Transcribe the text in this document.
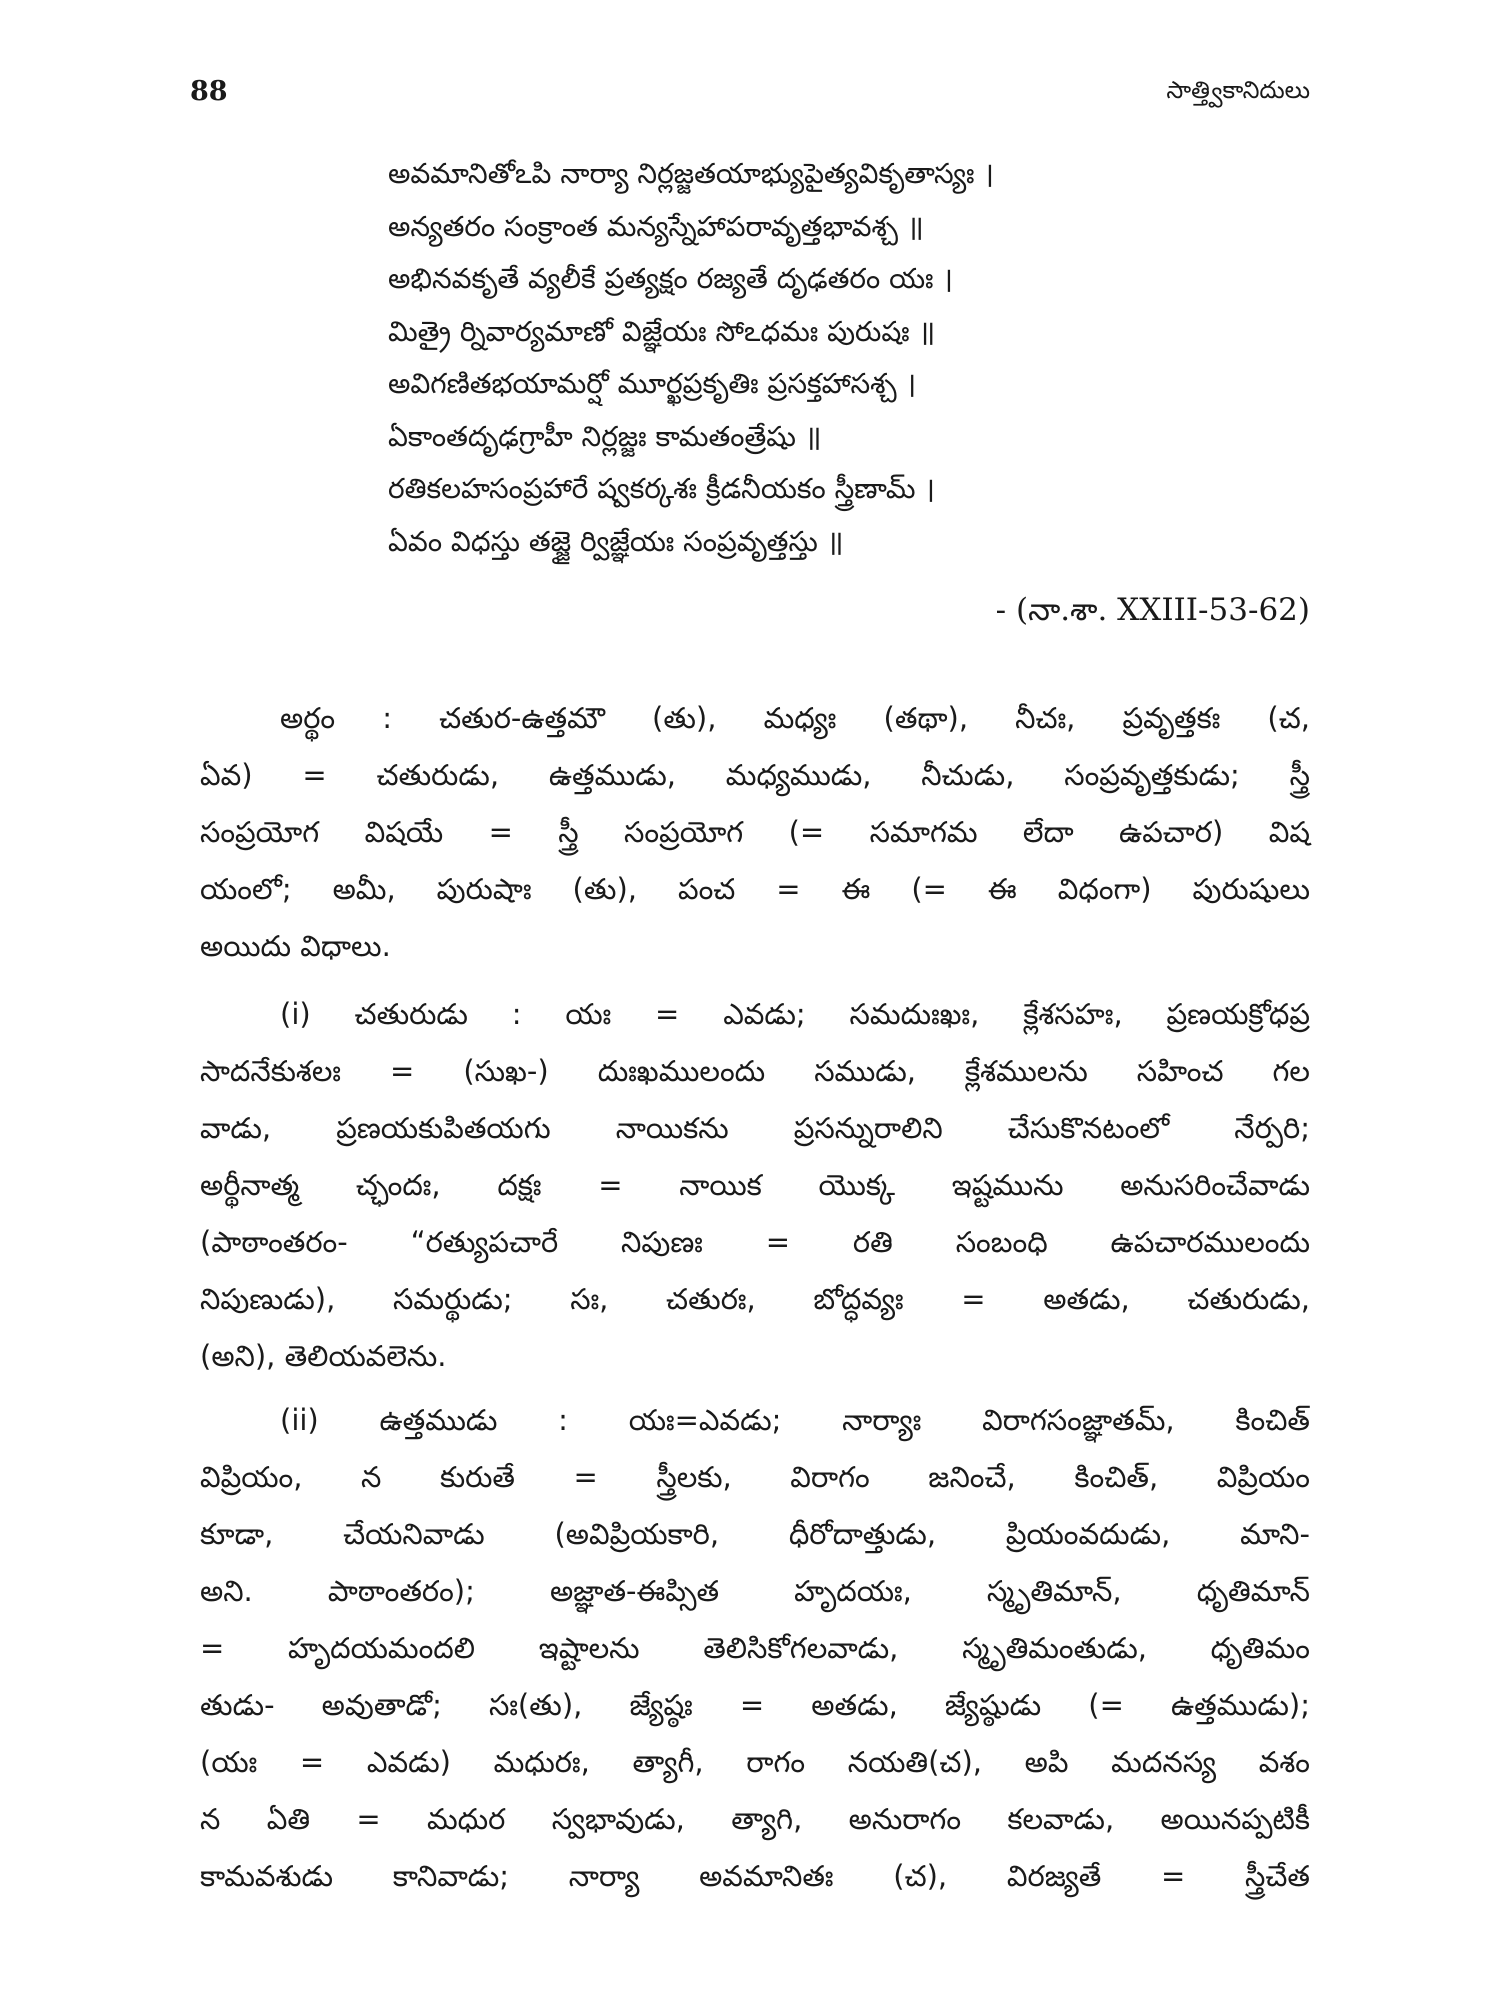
88	సాత్త్వికానిదులు
అవమానితోఽపి నార్యా నిర్లజ్జతయాభ్యుపైత్యవికృతాస్యః ।
అన్యతరం సంక్రాంత మన్యస్నేహాపరావృత్తభావశ్చ ॥
అభినవకృతే వ్యలీకే ప్రత్యక్షం రజ్యతే దృఢతరం యః ।
మిత్రై ర్నివార్యమాణో విజ్ఞేయః సోఽధమః పురుషః ॥
అవిగణితభయామర్షో మూర్ఖప్రకృతిః ప్రసక్తహాసశ్చ ।
ఏకాంతదృఢగ్రాహీ నిర్లజ్జః కామతంత్రేషు ॥
రతికలహసంప్రహారే ష్వకర్కశః క్రీడనీయకం స్త్రీణామ్ ।
ఏవం విధస్తు తజ్జై ర్విజ్ఞేయః సంప్రవృత్తస్తు ॥
- (నా.శా. XXIII-53-62)
అర్థం : చతుర-ఉత్తమౌ (తు), మధ్యః (తథా), నీచః, ప్రవృత్తకః (చ,
ఏవ) = చతురుడు, ఉత్తముడు, మధ్యముడు, నీచుడు, సంప్రవృత్తకుడు; స్త్రీ
సంప్రయోగ విషయే = స్త్రీ సంప్రయోగ (= సమాగమ లేదా ఉపచార) విష
యంలో; అమీ, పురుషాః (తు), పంచ = ఈ (= ఈ విధంగా) పురుషులు
అయిదు విధాలు.
(i) చతురుడు : యః = ఎవడు; సమదుఃఖః, క్లేశసహః, ప్రణయక్రోధప్ర
సాదనేకుశలః = (సుఖ-) దుఃఖములందు సముడు, క్లేశములను సహించ గల
వాడు, ప్రణయకుపితయగు నాయికను ప్రసన్నురాలిని చేసుకొనటంలో నేర్పరి;
అర్థీనాత్మ చ్ఛందః, దక్షః = నాయిక యొక్క ఇష్టమును అనుసరించేవాడు
(పాఠాంతరం- “రత్యుపచారే నిపుణః = రతి సంబంధి ఉపచారములందు
నిపుణుడు), సమర్థుడు; సః, చతురః, బోద్ధవ్యః = అతడు, చతురుడు,
(అని), తెలియవలెను.
(ii) ఉత్తముడు : యః=ఎవడు; నార్యాః విరాగసంజ్ఞాతమ్, కించిత్
విప్రియం, న కురుతే = స్త్రీలకు, విరాగం జనించే, కించిత్, విప్రియం
కూడా, చేయనివాడు (అవిప్రియకారి, ధీరోదాత్తుడు, ప్రియంవదుడు, మాని-
అని. పాఠాంతరం); అజ్ఞాత-ఈప్సిత హృదయః, స్మృతిమాన్, ధృతిమాన్
= హృదయమందలి ఇష్టాలను తెలిసికోగలవాడు, స్మృతిమంతుడు, ధృతిమం
తుడు- అవుతాడో; సః(తు), జ్యేష్ఠః = అతడు, జ్యేష్ఠుడు (= ఉత్తముడు);
(యః = ఎవడు) మధురః, త్యాగీ, రాగం నయతి(చ), అపి మదనస్య వశం
న ఏతి = మధుర స్వభావుడు, త్యాగి, అనురాగం కలవాడు, అయినప్పటికీ
కామవశుడు కానివాడు; నార్యా అవమానితః (చ), విరజ్యతే = స్త్రీచేత
